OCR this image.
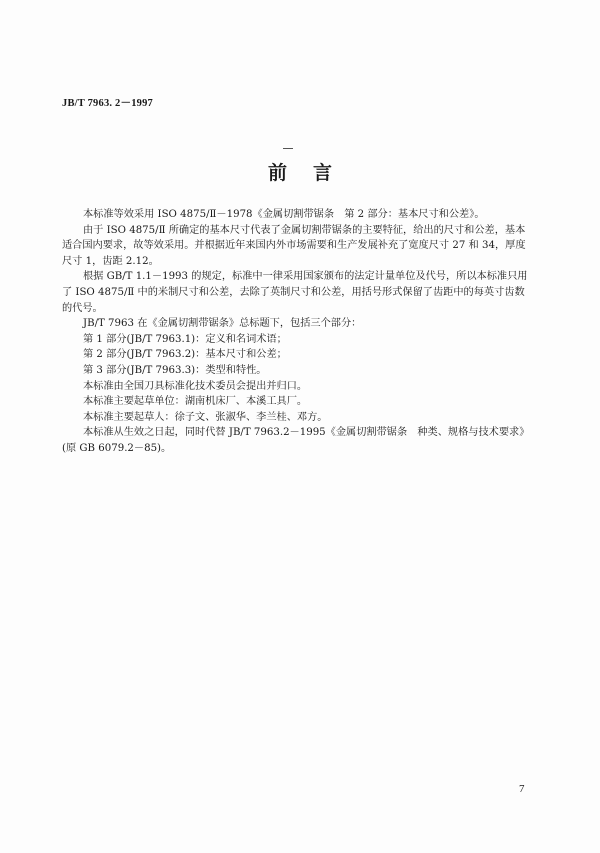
JB/T 7963. 2－1997
前言
本标准等效采用 ISO 4875/Ⅱ－1978《金属切割带锯条　第 2 部分：基本尺寸和公差》。
由于 ISO 4875/Ⅱ 所确定的基本尺寸代表了金属切割带锯条的主要特征，给出的尺寸和公差，基本
适合国内要求，故等效采用。并根据近年来国内外市场需要和生产发展补充了宽度尺寸 27 和 34，厚度
尺寸 1，齿距 2.12。
根据 GB/T 1.1－1993 的规定，标准中一律采用国家颁布的法定计量单位及代号，所以本标准只用
了 ISO 4875/Ⅱ 中的米制尺寸和公差，去除了英制尺寸和公差，用括号形式保留了齿距中的每英寸齿数
的代号。
JB/T 7963 在《金属切割带锯条》总标题下，包括三个部分：
第 1 部分(JB/T 7963.1)：定义和名词术语；
第 2 部分(JB/T 7963.2)：基本尺寸和公差；
第 3 部分(JB/T 7963.3)：类型和特性。
本标准由全国刀具标准化技术委员会提出并归口。
本标准主要起草单位：湖南机床厂、本溪工具厂。
本标准主要起草人：徐子文、张淑华、李兰桂、邓方。
本标准从生效之日起，同时代替 JB/T 7963.2－1995《金属切割带锯条　种类、规格与技术要求》
(原 GB 6079.2－85)。
7
